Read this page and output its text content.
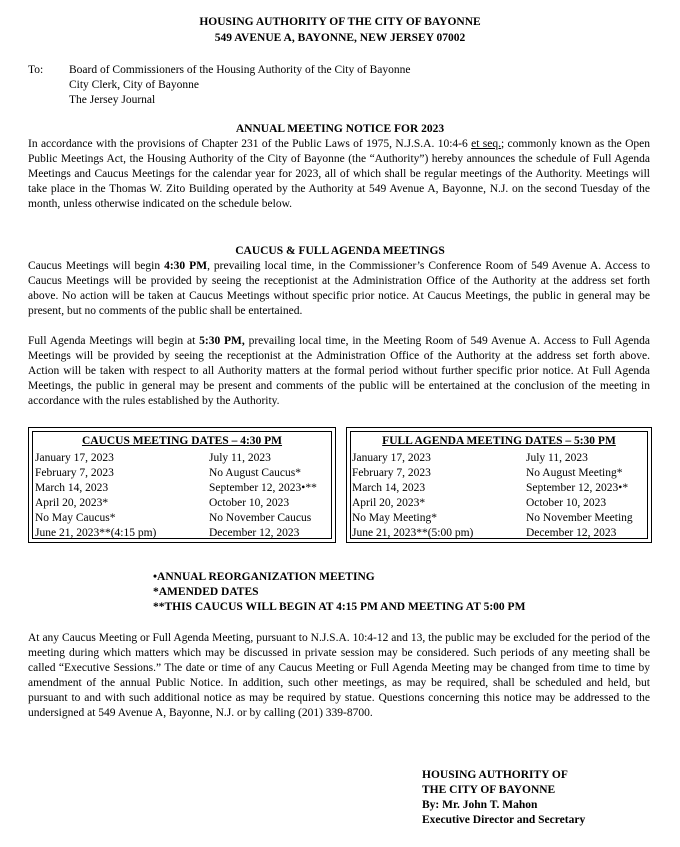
HOUSING AUTHORITY OF THE CITY OF BAYONNE
549 AVENUE A, BAYONNE, NEW JERSEY 07002
To: Board of Commissioners of the Housing Authority of the City of Bayonne
City Clerk, City of Bayonne
The Jersey Journal
ANNUAL MEETING NOTICE FOR 2023
In accordance with the provisions of Chapter 231 of the Public Laws of 1975, N.J.S.A. 10:4-6 et seq.; commonly known as the Open Public Meetings Act, the Housing Authority of the City of Bayonne (the “Authority”) hereby announces the schedule of Full Agenda Meetings and Caucus Meetings for the calendar year for 2023, all of which shall be regular meetings of the Authority. Meetings will take place in the Thomas W. Zito Building operated by the Authority at 549 Avenue A, Bayonne, N.J. on the second Tuesday of the month, unless otherwise indicated on the schedule below.
CAUCUS & FULL AGENDA MEETINGS
Caucus Meetings will begin 4:30 PM, prevailing local time, in the Commissioner’s Conference Room of 549 Avenue A. Access to Caucus Meetings will be provided by seeing the receptionist at the Administration Office of the Authority at the address set forth above. No action will be taken at Caucus Meetings without specific prior notice. At Caucus Meetings, the public in general may be present, but no comments of the public shall be entertained.
Full Agenda Meetings will begin at 5:30 PM, prevailing local time, in the Meeting Room of 549 Avenue A. Access to Full Agenda Meetings will be provided by seeing the receptionist at the Administration Office of the Authority at the address set forth above. Action will be taken with respect to all Authority matters at the formal period without further specific prior notice. At Full Agenda Meetings, the public in general may be present and comments of the public will be entertained at the conclusion of the meeting in accordance with the rules established by the Authority.
CAUCUS MEETING DATES – 4:30 PM
January 17, 2023
February 7, 2023
March 14, 2023
April 20, 2023*
No May Caucus*
June 21, 2023**(4:15 pm)
July 11, 2023
No August Caucus*
September 12, 2023•**
October 10, 2023
No November Caucus
December 12, 2023
FULL AGENDA MEETING DATES – 5:30 PM
January 17, 2023
February 7, 2023
March 14, 2023
April 20, 2023*
No May Meeting*
June 21, 2023**(5:00 pm)
July 11, 2023
No August Meeting*
September 12, 2023•*
October 10, 2023
No November Meeting
December 12, 2023
•ANNUAL REORGANIZATION MEETING
*AMENDED DATES
**THIS CAUCUS WILL BEGIN AT 4:15 PM AND MEETING AT 5:00 PM
At any Caucus Meeting or Full Agenda Meeting, pursuant to N.J.S.A. 10:4-12 and 13, the public may be excluded for the period of the meeting during which matters which may be discussed in private session may be considered. Such periods of any meeting shall be called “Executive Sessions.” The date or time of any Caucus Meeting or Full Agenda Meeting may be changed from time to time by amendment of the annual Public Notice. In addition, such other meetings, as may be required, shall be scheduled and held, but pursuant to and with such additional notice as may be required by statue. Questions concerning this notice may be addressed to the undersigned at 549 Avenue A, Bayonne, N.J. or by calling (201) 339-8700.
HOUSING AUTHORITY OF
THE CITY OF BAYONNE
By: Mr. John T. Mahon
Executive Director and Secretary
